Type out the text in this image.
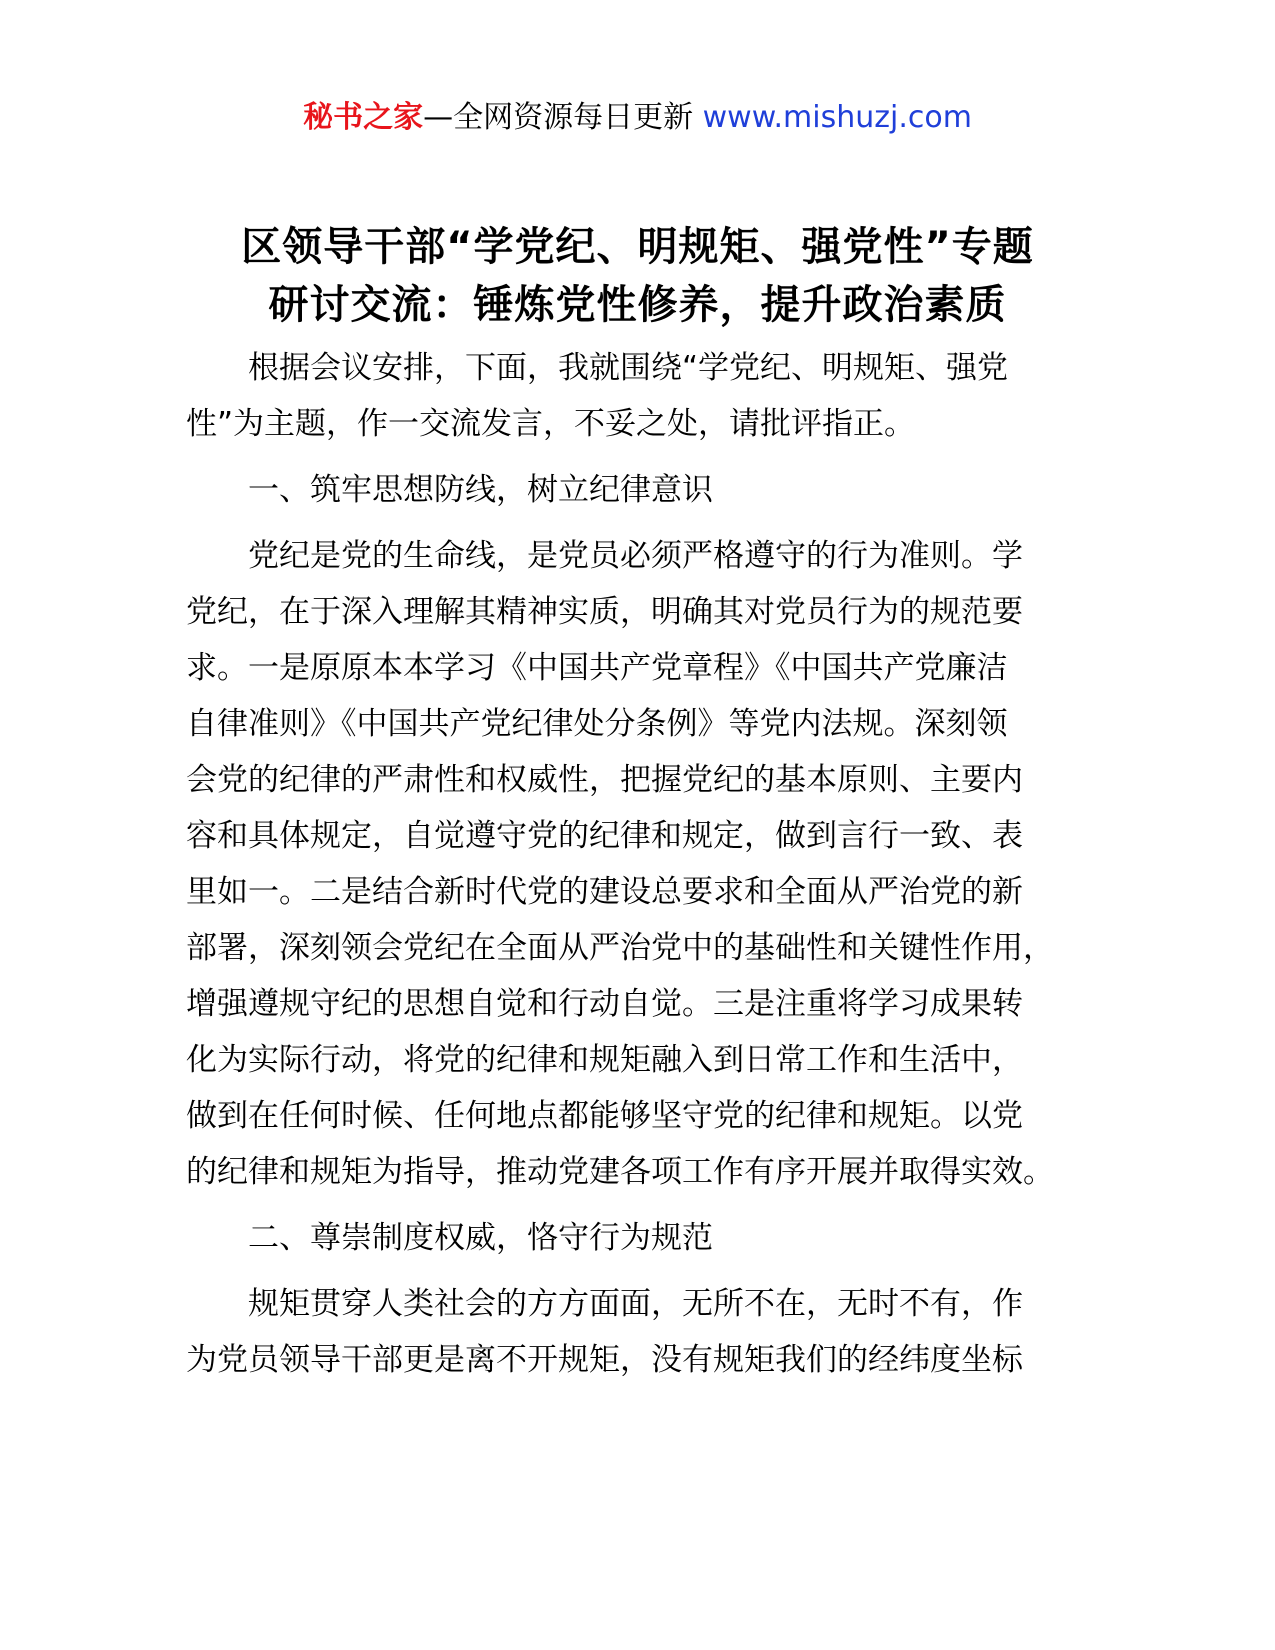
秘书之家—全网资源每日更新 www.mishuzj.com
区领导干部“学党纪、明规矩、强党性”专题
研讨交流：锤炼党性修养，提升政治素质
根据会议安排，下面，我就围绕“学党纪、明规矩、强党
性”为主题，作一交流发言，不妥之处，请批评指正。
一、筑牢思想防线，树立纪律意识
党纪是党的生命线，是党员必须严格遵守的行为准则。学
党纪，在于深入理解其精神实质，明确其对党员行为的规范要
求。一是原原本本学习《中国共产党章程》《中国共产党廉洁
自律准则》《中国共产党纪律处分条例》等党内法规。深刻领
会党的纪律的严肃性和权威性，把握党纪的基本原则、主要内
容和具体规定，自觉遵守党的纪律和规定，做到言行一致、表
里如一。二是结合新时代党的建设总要求和全面从严治党的新
部署，深刻领会党纪在全面从严治党中的基础性和关键性作用，
增强遵规守纪的思想自觉和行动自觉。三是注重将学习成果转
化为实际行动，将党的纪律和规矩融入到日常工作和生活中，
做到在任何时候、任何地点都能够坚守党的纪律和规矩。以党
的纪律和规矩为指导，推动党建各项工作有序开展并取得实效。
二、尊崇制度权威，恪守行为规范
规矩贯穿人类社会的方方面面，无所不在，无时不有，作
为党员领导干部更是离不开规矩，没有规矩我们的经纬度坐标
